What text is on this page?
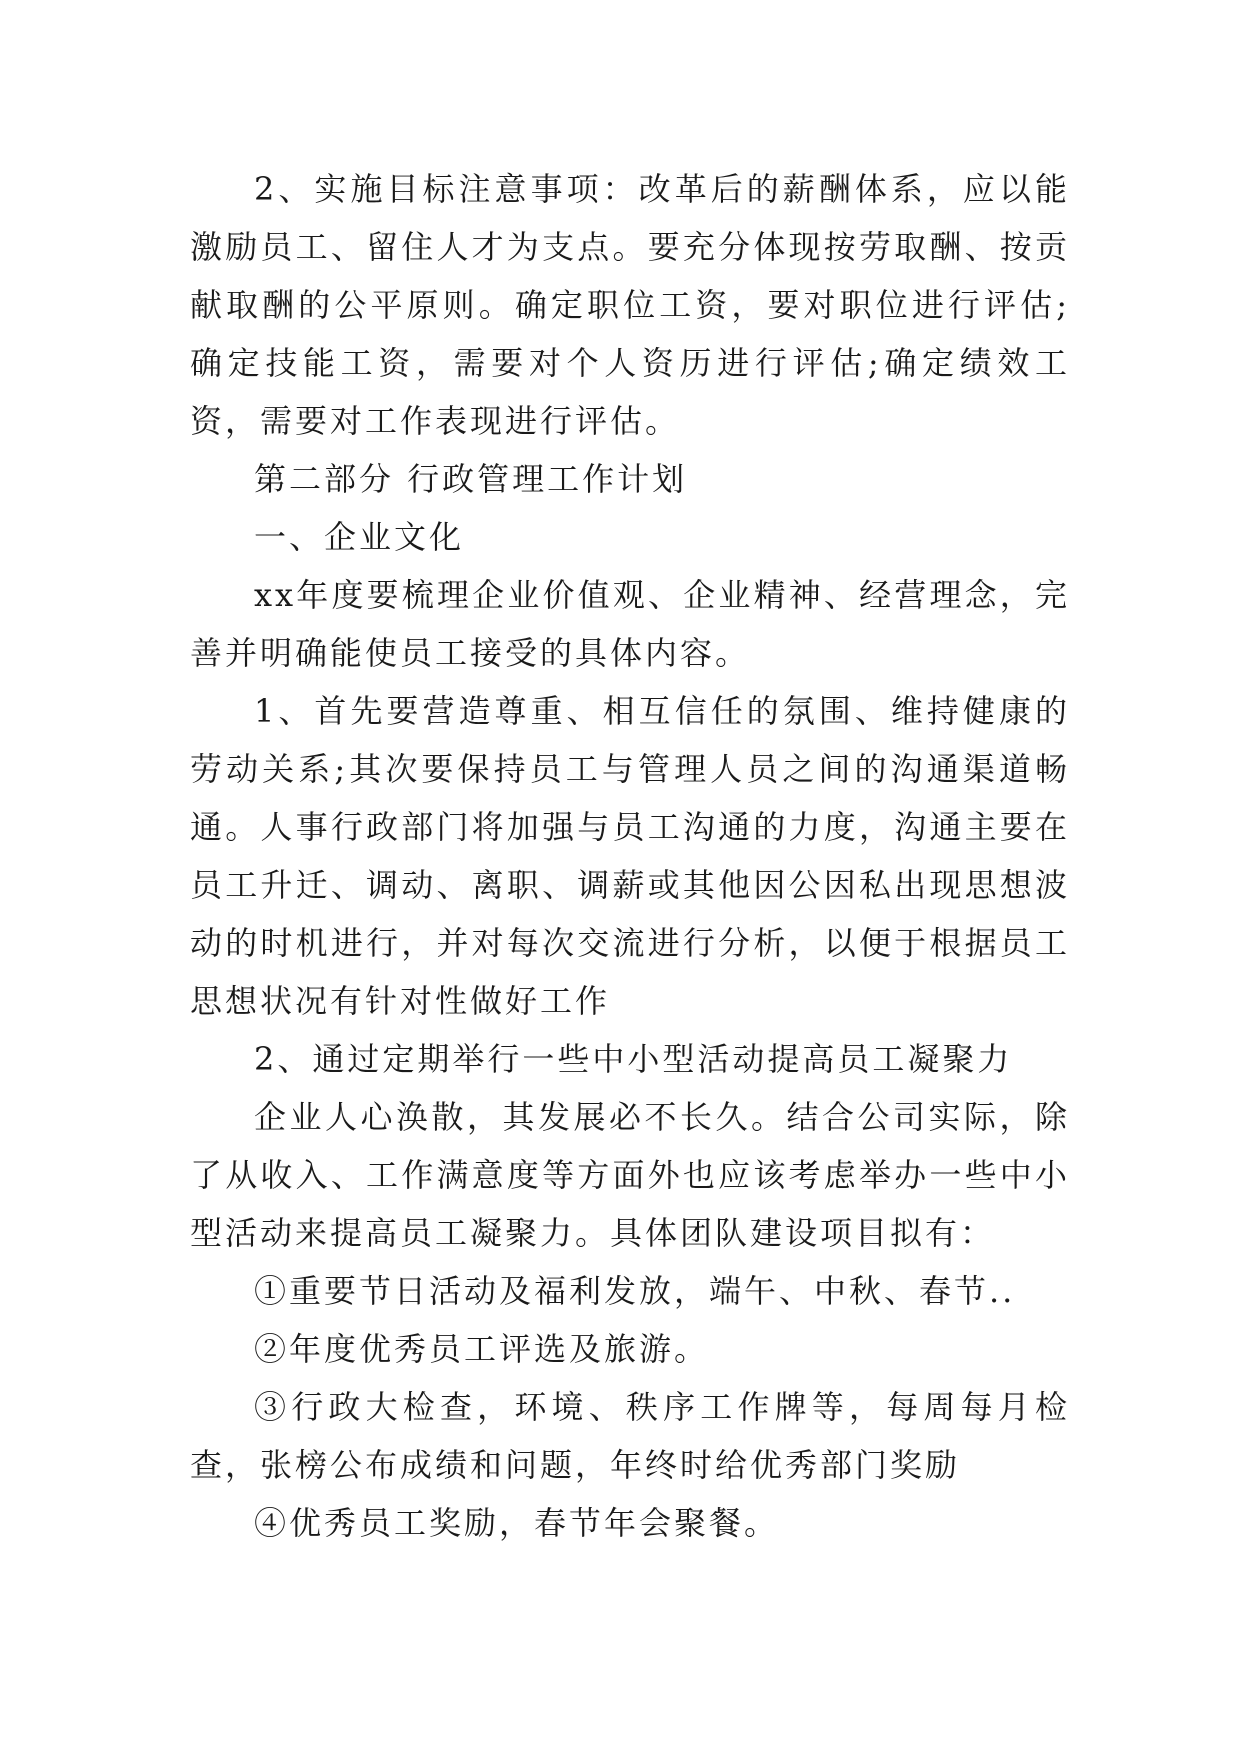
2、实施目标注意事项：改革后的薪酬体系，应以能激励员工、留住人才为支点。要充分体现按劳取酬、按贡献取酬的公平原则。确定职位工资，要对职位进行评估;确定技能工资，需要对个人资历进行评估;确定绩效工资，需要对工作表现进行评估。

第二部分 行政管理工作计划

一、企业文化

xx年度要梳理企业价值观、企业精神、经营理念，完善并明确能使员工接受的具体内容。

1、首先要营造尊重、相互信任的氛围、维持健康的劳动关系;其次要保持员工与管理人员之间的沟通渠道畅通。人事行政部门将加强与员工沟通的力度，沟通主要在员工升迁、调动、离职、调薪或其他因公因私出现思想波动的时机进行，并对每次交流进行分析，以便于根据员工思想状况有针对性做好工作

2、通过定期举行一些中小型活动提高员工凝聚力

企业人心涣散，其发展必不长久。结合公司实际，除了从收入、工作满意度等方面外也应该考虑举办一些中小型活动来提高员工凝聚力。具体团队建设项目拟有：

①重要节日活动及福利发放，端午、中秋、春节..

②年度优秀员工评选及旅游。

③行政大检查，环境、秩序工作牌等，每周每月检查，张榜公布成绩和问题，年终时给优秀部门奖励

④优秀员工奖励，春节年会聚餐。
